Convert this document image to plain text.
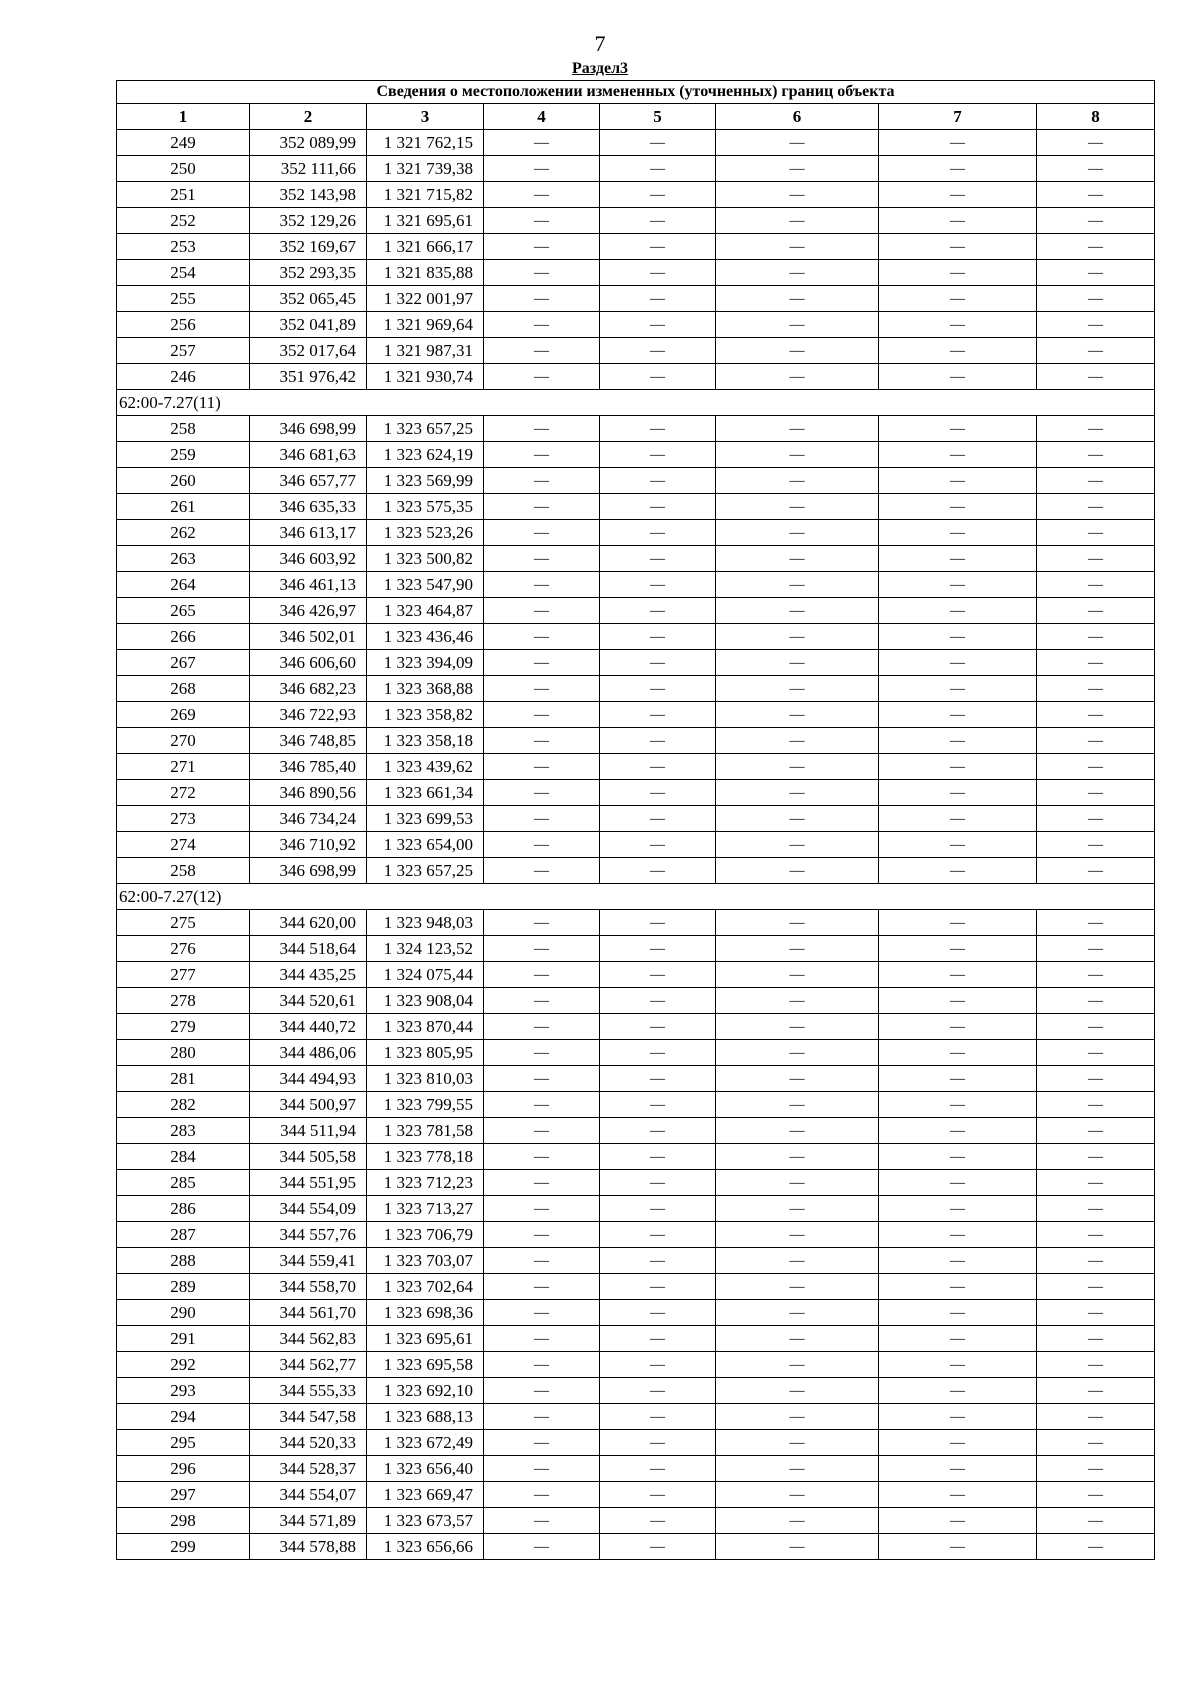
7
Раздел3
Сведения о местоположении измененных (уточненных) границ объекта							
1	2	3	4	5	6	7	8
249	352 089,99	1 321 762,15	—	—	—	—	—
250	352 111,66	1 321 739,38	—	—	—	—	—
251	352 143,98	1 321 715,82	—	—	—	—	—
252	352 129,26	1 321 695,61	—	—	—	—	—
253	352 169,67	1 321 666,17	—	—	—	—	—
254	352 293,35	1 321 835,88	—	—	—	—	—
255	352 065,45	1 322 001,97	—	—	—	—	—
256	352 041,89	1 321 969,64	—	—	—	—	—
257	352 017,64	1 321 987,31	—	—	—	—	—
246	351 976,42	1 321 930,74	—	—	—	—	—
62:00-7.27(11)							
258	346 698,99	1 323 657,25	—	—	—	—	—
259	346 681,63	1 323 624,19	—	—	—	—	—
260	346 657,77	1 323 569,99	—	—	—	—	—
261	346 635,33	1 323 575,35	—	—	—	—	—
262	346 613,17	1 323 523,26	—	—	—	—	—
263	346 603,92	1 323 500,82	—	—	—	—	—
264	346 461,13	1 323 547,90	—	—	—	—	—
265	346 426,97	1 323 464,87	—	—	—	—	—
266	346 502,01	1 323 436,46	—	—	—	—	—
267	346 606,60	1 323 394,09	—	—	—	—	—
268	346 682,23	1 323 368,88	—	—	—	—	—
269	346 722,93	1 323 358,82	—	—	—	—	—
270	346 748,85	1 323 358,18	—	—	—	—	—
271	346 785,40	1 323 439,62	—	—	—	—	—
272	346 890,56	1 323 661,34	—	—	—	—	—
273	346 734,24	1 323 699,53	—	—	—	—	—
274	346 710,92	1 323 654,00	—	—	—	—	—
258	346 698,99	1 323 657,25	—	—	—	—	—
62:00-7.27(12)							
275	344 620,00	1 323 948,03	—	—	—	—	—
276	344 518,64	1 324 123,52	—	—	—	—	—
277	344 435,25	1 324 075,44	—	—	—	—	—
278	344 520,61	1 323 908,04	—	—	—	—	—
279	344 440,72	1 323 870,44	—	—	—	—	—
280	344 486,06	1 323 805,95	—	—	—	—	—
281	344 494,93	1 323 810,03	—	—	—	—	—
282	344 500,97	1 323 799,55	—	—	—	—	—
283	344 511,94	1 323 781,58	—	—	—	—	—
284	344 505,58	1 323 778,18	—	—	—	—	—
285	344 551,95	1 323 712,23	—	—	—	—	—
286	344 554,09	1 323 713,27	—	—	—	—	—
287	344 557,76	1 323 706,79	—	—	—	—	—
288	344 559,41	1 323 703,07	—	—	—	—	—
289	344 558,70	1 323 702,64	—	—	—	—	—
290	344 561,70	1 323 698,36	—	—	—	—	—
291	344 562,83	1 323 695,61	—	—	—	—	—
292	344 562,77	1 323 695,58	—	—	—	—	—
293	344 555,33	1 323 692,10	—	—	—	—	—
294	344 547,58	1 323 688,13	—	—	—	—	—
295	344 520,33	1 323 672,49	—	—	—	—	—
296	344 528,37	1 323 656,40	—	—	—	—	—
297	344 554,07	1 323 669,47	—	—	—	—	—
298	344 571,89	1 323 673,57	—	—	—	—	—
299	344 578,88	1 323 656,66	—	—	—	—	—
